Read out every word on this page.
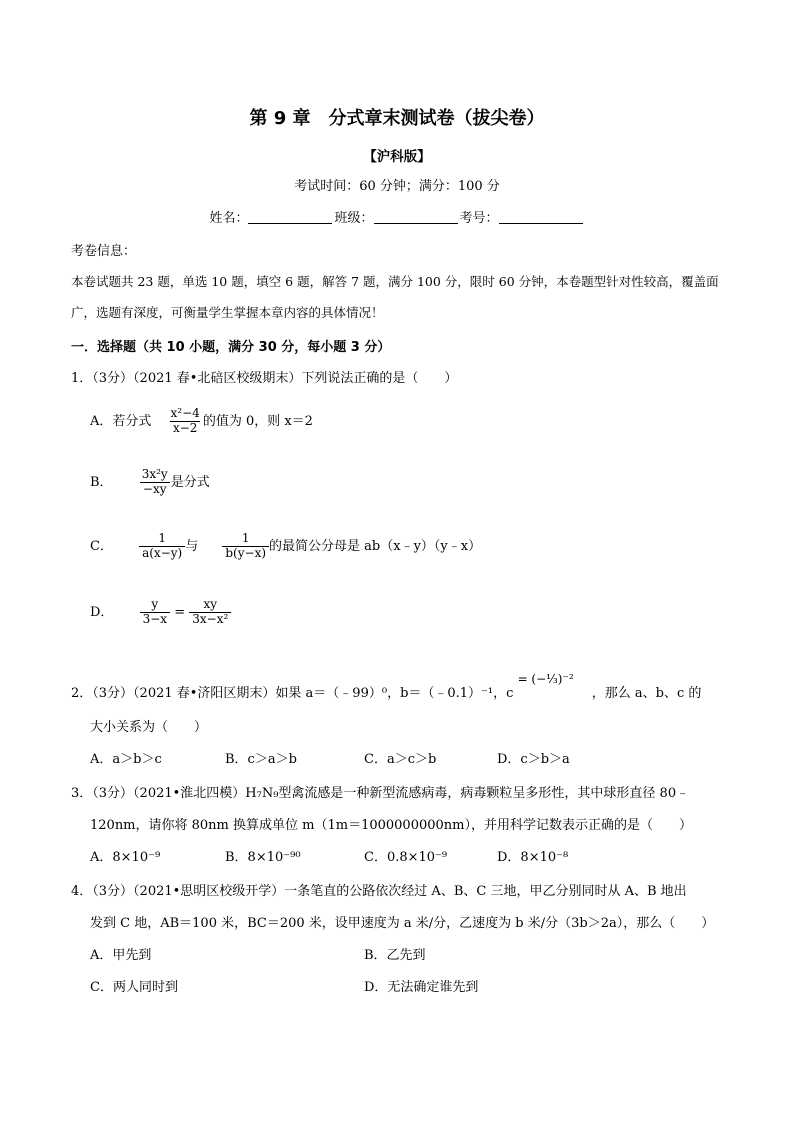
第 9 章　分式章末测试卷（拔尖卷）
【沪科版】
考试时间：60 分钟；满分：100 分
姓名：	班级：	考号：
考卷信息：
本卷试题共 23 题，单选 10 题，填空 6 题，解答 7 题，满分 100 分，限时 60 分钟，本卷题型针对性较高，覆盖面广，选题有深度，可衡量学生掌握本章内容的具体情况！
一．选择题（共 10 小题，满分 30 分，每小题 3 分）
1．（3分）（2021 春•北碚区校级期末）下列说法正确的是（　　）
A．若分式 $\frac{\text{x²−4}}{x-2}$ 的值为 0，则 x＝2
B． $\frac{\text{3x²y}}{-xy}$ 是分式
C． $\frac{1}{a(x-y)}$ 与 $\frac{1}{b(y-x)}$ 的最简公分母是 ab（x﹣y）（y﹣x）
D． $\frac{y}{3-x} = \frac{xy}{\text{3x−x²}}$
2．（3分）（2021 春•济阳区期末）如果 a＝（﹣99）⁰，b＝（﹣0.1）⁻¹，c = (−⅓)⁻² ，那么 a、b、c 的
大小关系为（　　）
A．a＞b＞c	B．c＞a＞b	C．a＞c＞b	D．c＞b＞a
3．（3分）（2021•淮北四模）H₇N₉型禽流感是一种新型流感病毒，病毒颗粒呈多形性，其中球形直径 80﹣
120nm，请你将 80nm 换算成单位 m（1m＝1000000000nm），并用科学记数表示正确的是（　　）
A．8×10⁻⁹	B．8×10⁻⁹⁰	C．0.8×10⁻⁹	D．8×10⁻⁸
4．（3分）（2021•思明区校级开学）一条笔直的公路依次经过 A、B、C 三地，甲乙分别同时从 A、B 地出
发到 C 地，AB＝100 米，BC＝200 米，设甲速度为 a 米/分，乙速度为 b 米/分（3b＞2a），那么（　　）
A．甲先到	B．乙先到
C．两人同时到	D．无法确定谁先到
